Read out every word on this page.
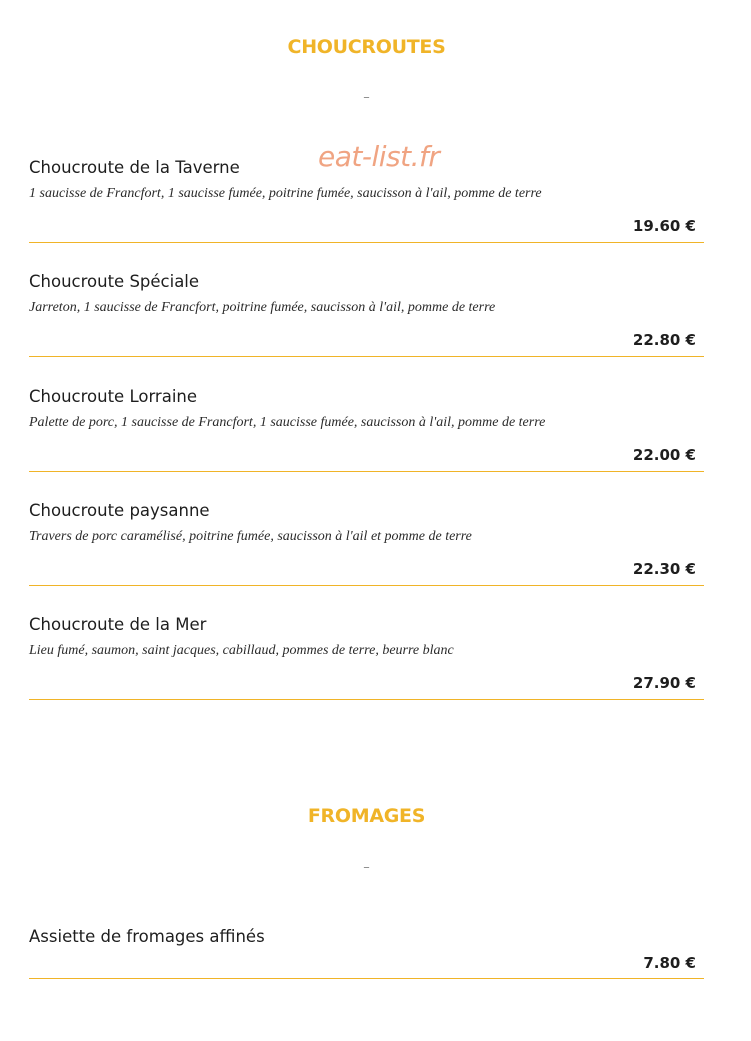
CHOUCROUTES
–
Choucroute de la Taverne
1 saucisse de Francfort, 1 saucisse fumée, poitrine fumée, saucisson à l'ail, pomme de terre
19.60 €
Choucroute Spéciale
Jarreton, 1 saucisse de Francfort, poitrine fumée, saucisson à l'ail, pomme de terre
22.80 €
Choucroute Lorraine
Palette de porc, 1 saucisse de Francfort, 1 saucisse fumée, saucisson à l'ail, pomme de terre
22.00 €
Choucroute paysanne
Travers de porc caramélisé, poitrine fumée, saucisson à l'ail et pomme de terre
22.30 €
Choucroute de la Mer
Lieu fumé, saumon, saint jacques, cabillaud, pommes de terre, beurre blanc
27.90 €
FROMAGES
–
Assiette de fromages affinés
7.80 €
eat-list.fr
